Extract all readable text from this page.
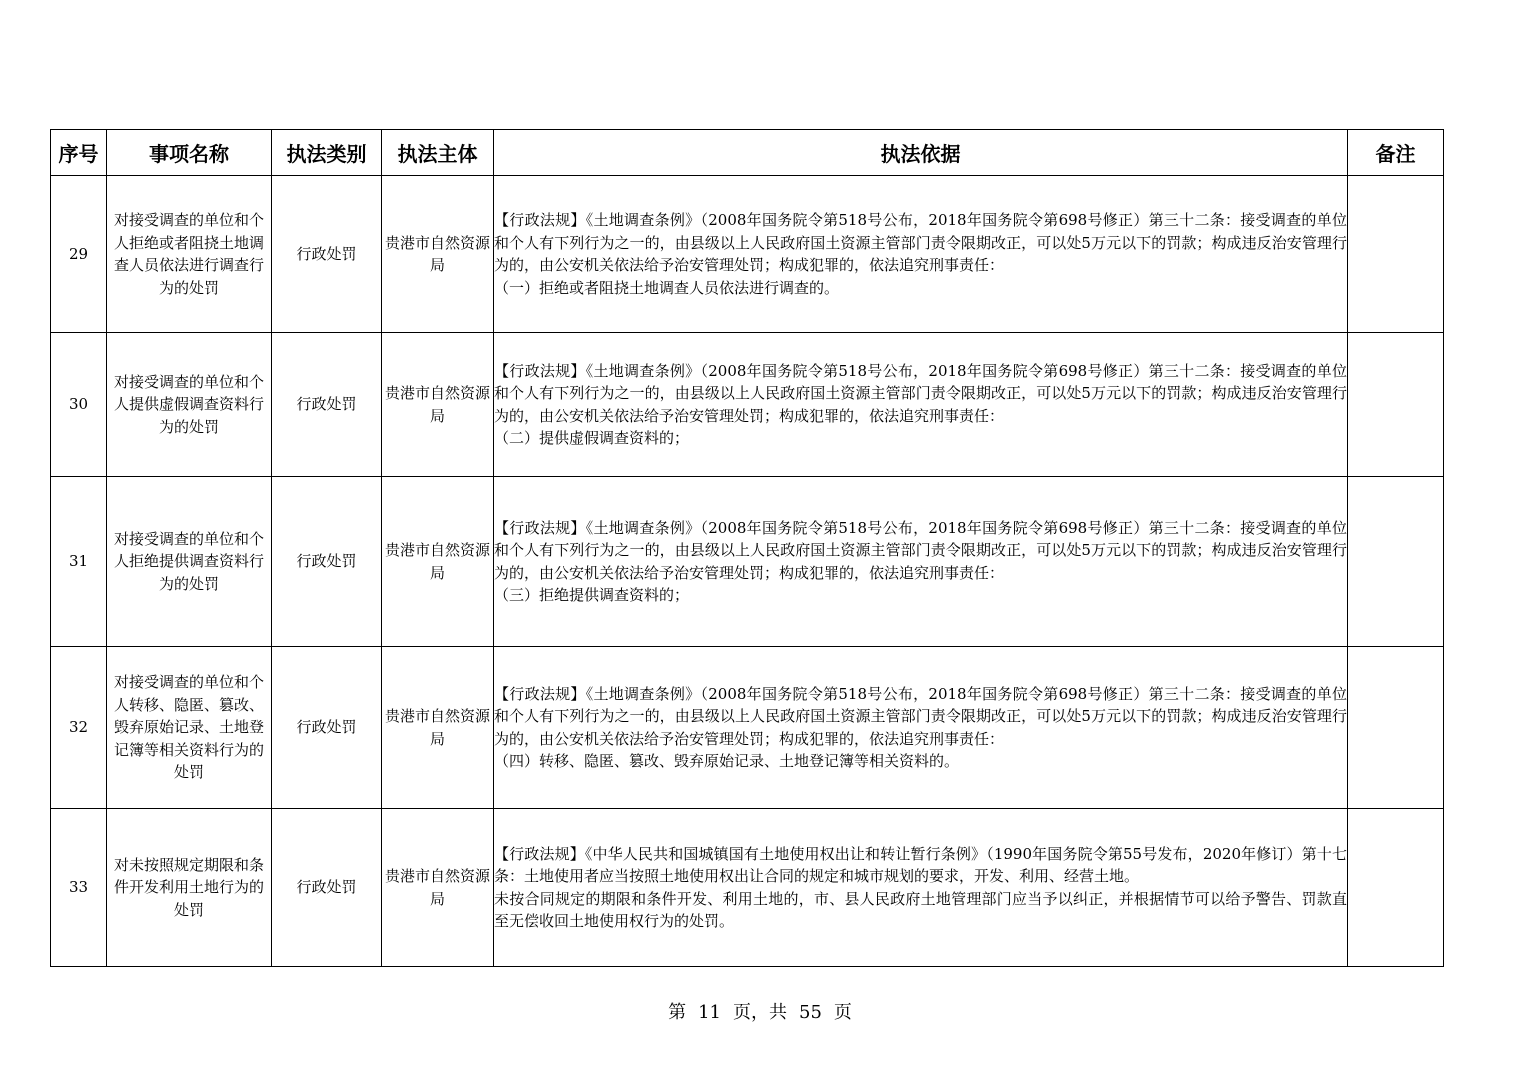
序号	事项名称	执法类别	执法主体	执法依据	备注
29	对接受调查的单位和个人拒绝或者阻挠土地调查人员依法进行调查行为的处罚	行政处罚	贵港市自然资源局	【行政法规】《土地调查条例》（2008年国务院令第518号公布，2018年国务院令第698号修正）第三十二条：接受调查的单位和个人有下列行为之一的，由县级以上人民政府国土资源主管部门责令限期改正，可以处5万元以下的罚款；构成违反治安管理行为的，由公安机关依法给予治安管理处罚；构成犯罪的，依法追究刑事责任：
（一）拒绝或者阻挠土地调查人员依法进行调查的。	

30	对接受调查的单位和个人提供虚假调查资料行为的处罚	行政处罚	贵港市自然资源局	【行政法规】《土地调查条例》（2008年国务院令第518号公布，2018年国务院令第698号修正）第三十二条：接受调查的单位和个人有下列行为之一的，由县级以上人民政府国土资源主管部门责令限期改正，可以处5万元以下的罚款；构成违反治安管理行为的，由公安机关依法给予治安管理处罚；构成犯罪的，依法追究刑事责任：
（二）提供虚假调查资料的；	

31	对接受调查的单位和个人拒绝提供调查资料行为的处罚	行政处罚	贵港市自然资源局	【行政法规】《土地调查条例》（2008年国务院令第518号公布，2018年国务院令第698号修正）第三十二条：接受调查的单位和个人有下列行为之一的，由县级以上人民政府国土资源主管部门责令限期改正，可以处5万元以下的罚款；构成违反治安管理行为的，由公安机关依法给予治安管理处罚；构成犯罪的，依法追究刑事责任：
（三）拒绝提供调查资料的；	

32	对接受调查的单位和个人转移、隐匿、篡改、毁弃原始记录、土地登记簿等相关资料行为的处罚	行政处罚	贵港市自然资源局	【行政法规】《土地调查条例》（2008年国务院令第518号公布，2018年国务院令第698号修正）第三十二条：接受调查的单位和个人有下列行为之一的，由县级以上人民政府国土资源主管部门责令限期改正，可以处5万元以下的罚款；构成违反治安管理行为的，由公安机关依法给予治安管理处罚；构成犯罪的，依法追究刑事责任：
（四）转移、隐匿、篡改、毁弃原始记录、土地登记簿等相关资料的。	

33	对未按照规定期限和条件开发利用土地行为的处罚	行政处罚	贵港市自然资源局	【行政法规】《中华人民共和国城镇国有土地使用权出让和转让暂行条例》（1990年国务院令第55号发布，2020年修订）第十七条：土地使用者应当按照土地使用权出让合同的规定和城市规划的要求，开发、利用、经营土地。
未按合同规定的期限和条件开发、利用土地的，市、县人民政府土地管理部门应当予以纠正，并根据情节可以给予警告、罚款直至无偿收回土地使用权行为的处罚。	

第 11 页，共 55 页
